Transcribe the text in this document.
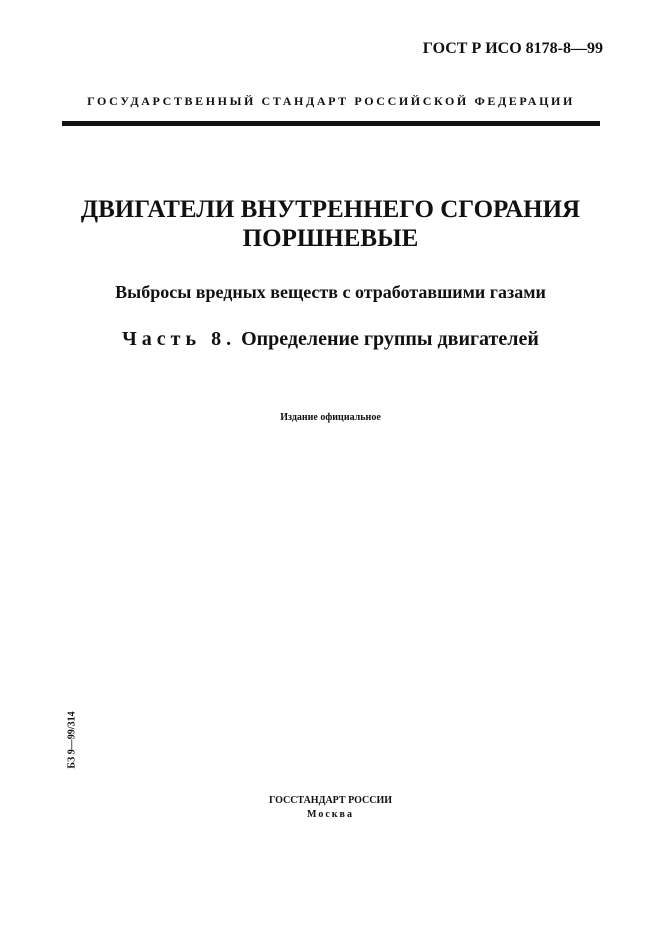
ГОСТ Р ИСО 8178-8—99
ГОСУДАРСТВЕННЫЙ СТАНДАРТ РОССИЙСКОЙ ФЕДЕРАЦИИ
ДВИГАТЕЛИ ВНУТРЕННЕГО СГОРАНИЯ
ПОРШНЕВЫЕ
Выбросы вредных веществ с отработавшими газами
Часть 8. Определение группы двигателей
Издание официальное
БЗ 9—99/314
ГОССТАНДАРТ РОССИИ
Москва
